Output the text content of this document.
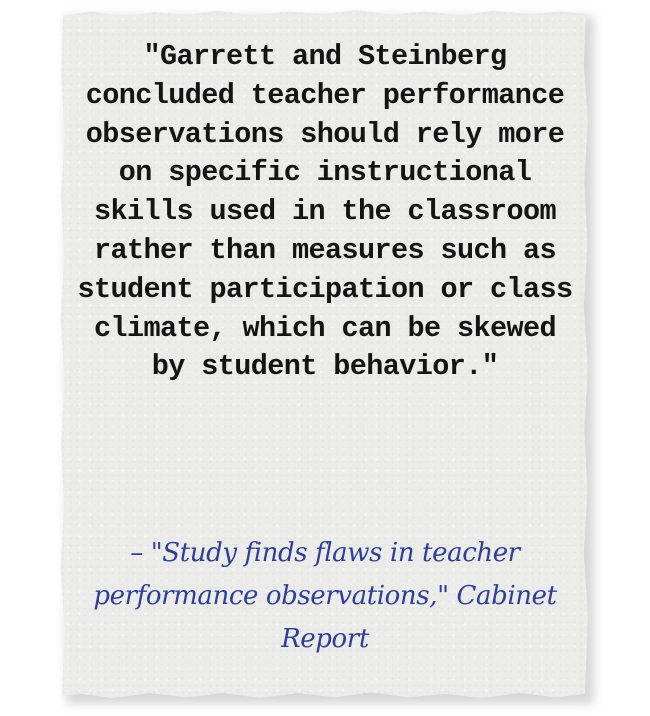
"Garrett and Steinberg concluded teacher performance observations should rely more on specific instructional skills used in the classroom rather than measures such as student participation or class climate, which can be skewed by student behavior."

– "Study finds flaws in teacher performance observations," Cabinet Report
